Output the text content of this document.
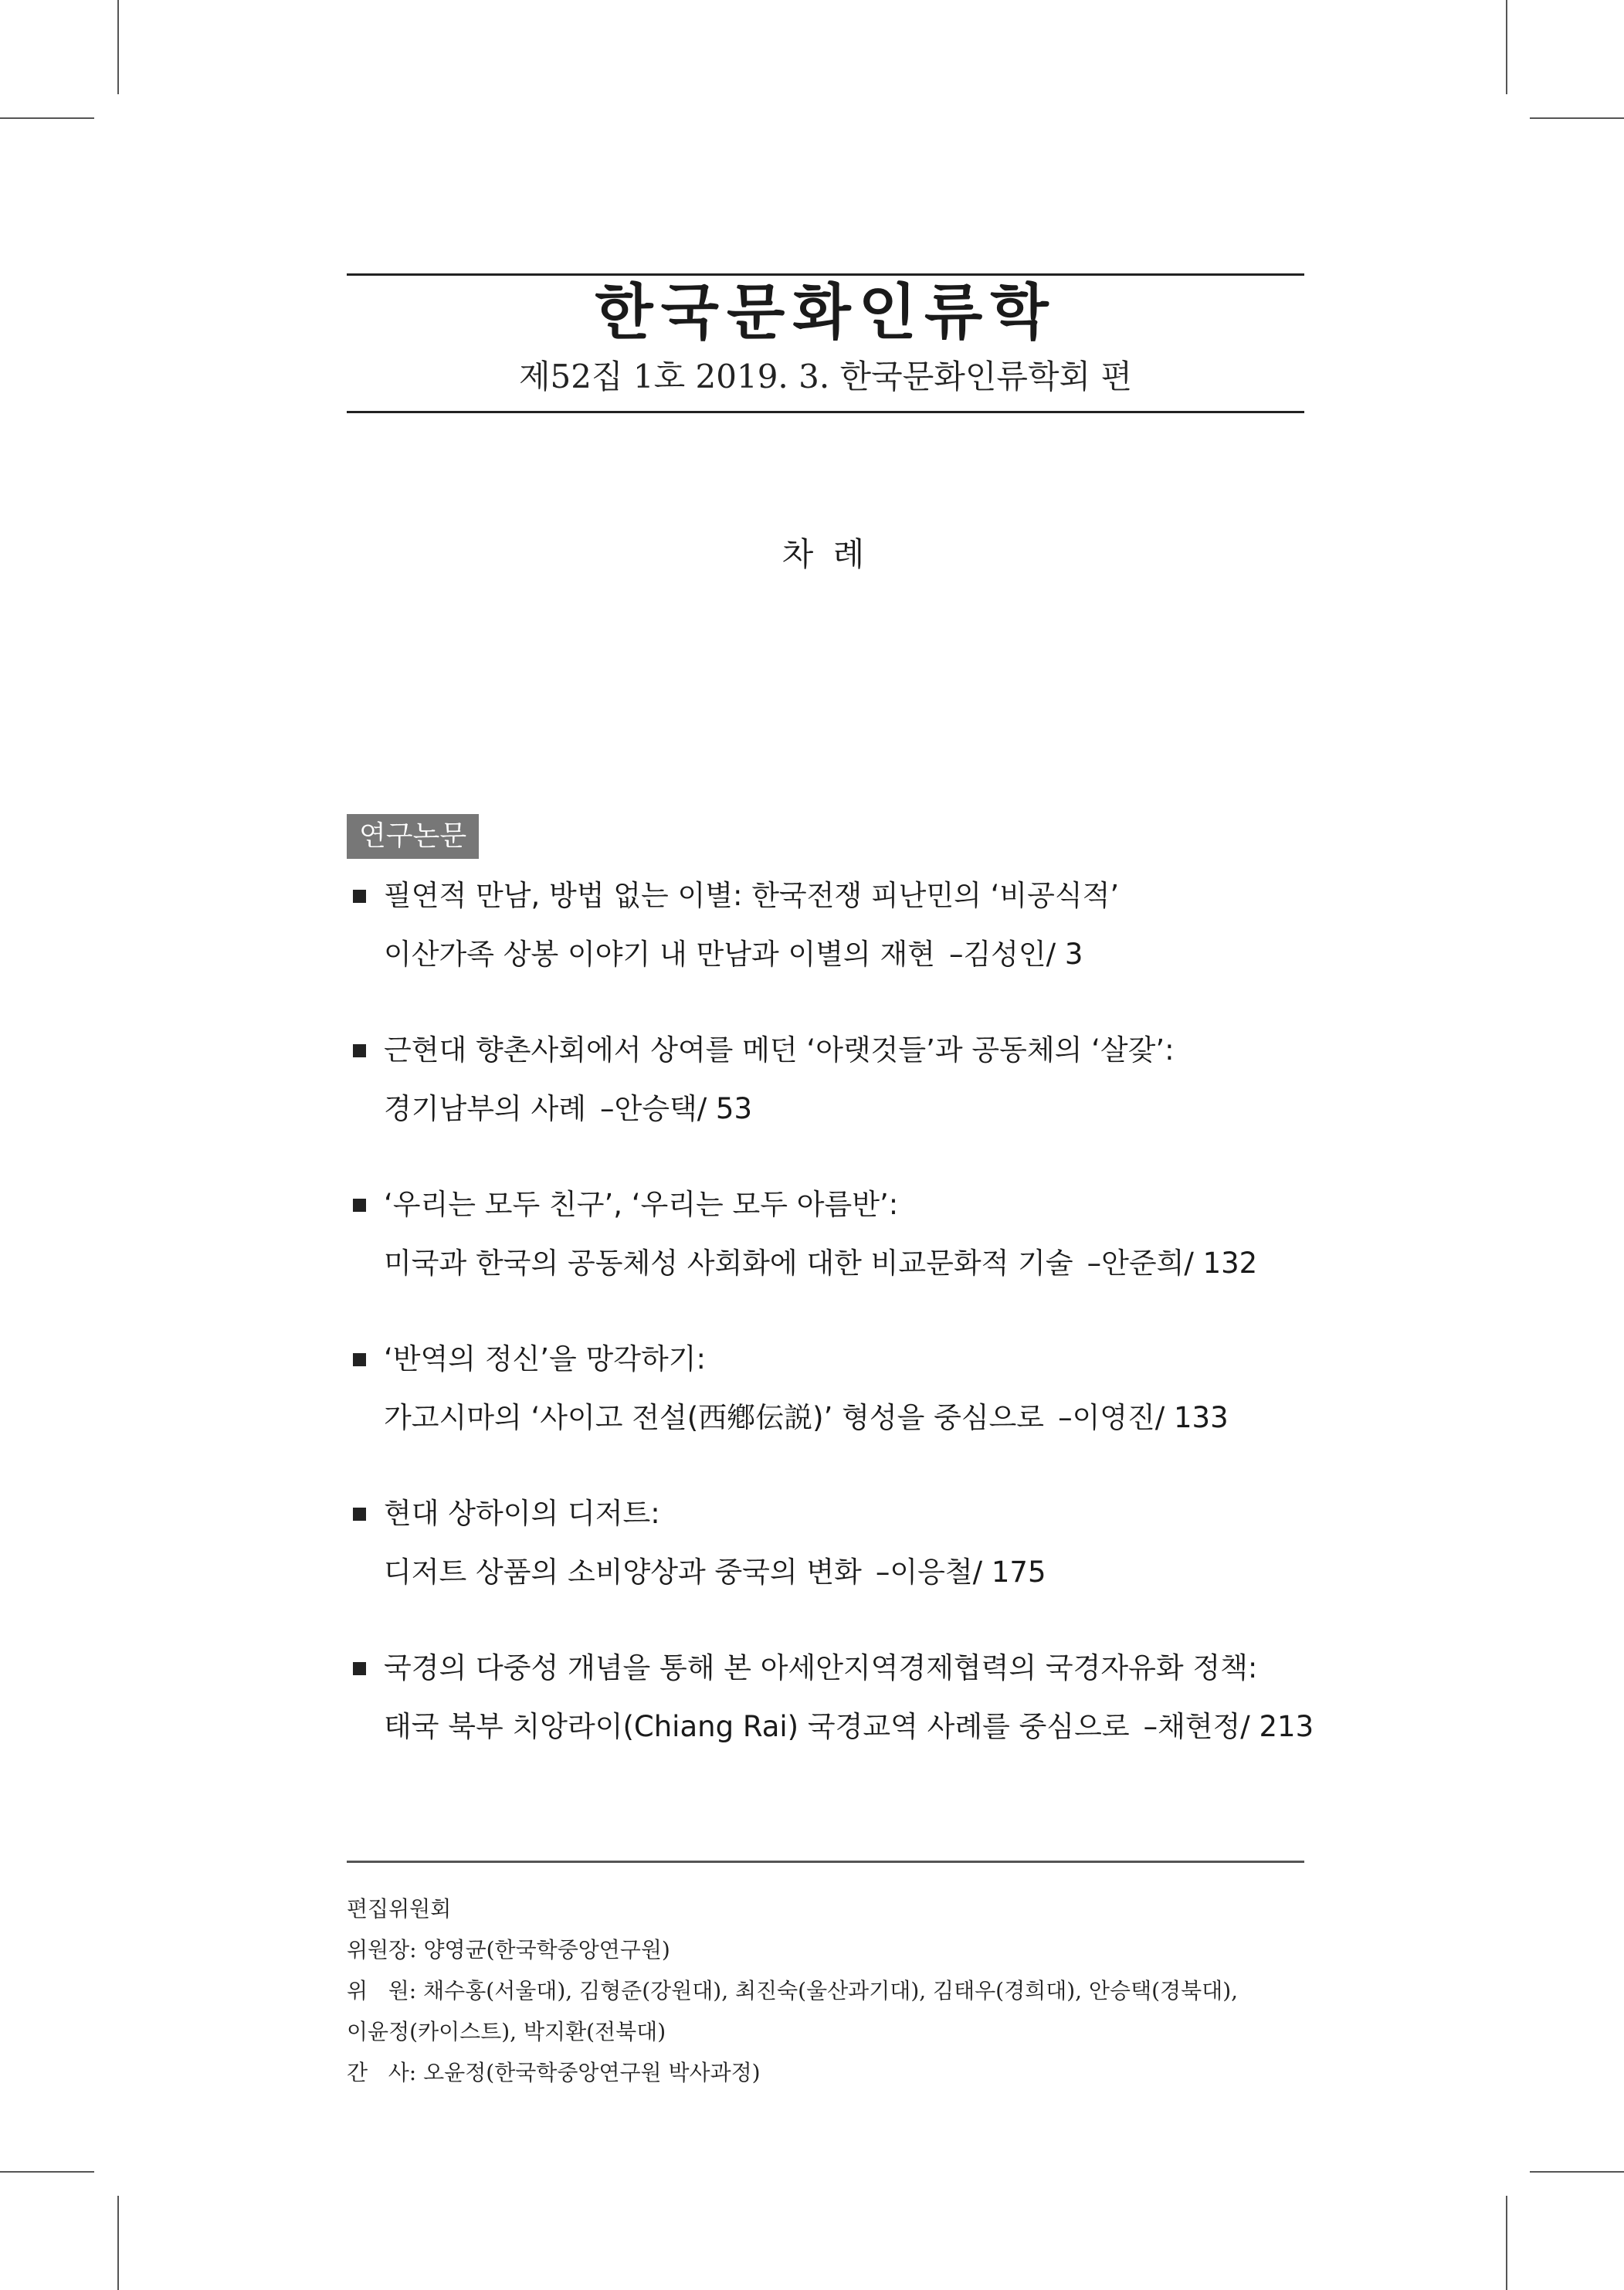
한국문화인류학
제52집 1호 2019. 3. 한국문화인류학회 편
차 례
연구논문
필연적 만남, 방법 없는 이별: 한국전쟁 피난민의 ‘비공식적’
이산가족 상봉 이야기 내 만남과 이별의 재현 –김성인/ 3
근현대 향촌사회에서 상여를 메던 ‘아랫것들’과 공동체의 ‘살갗’:
경기남부의 사례 –안승택/ 53
‘우리는 모두 친구’, ‘우리는 모두 아름반’:
미국과 한국의 공동체성 사회화에 대한 비교문화적 기술 –안준희/ 132
‘반역의 정신’을 망각하기:
가고시마의 ‘사이고 전설(西鄕伝説)’ 형성을 중심으로 –이영진/ 133
현대 상하이의 디저트:
디저트 상품의 소비양상과 중국의 변화 –이응철/ 175
국경의 다중성 개념을 통해 본 아세안지역경제협력의 국경자유화 정책:
태국 북부 치앙라이(Chiang Rai) 국경교역 사례를 중심으로 –채현정/ 213
편집위원회
위원장: 양영균(한국학중앙연구원)
위   원: 채수홍(서울대), 김형준(강원대), 최진숙(울산과기대), 김태우(경희대), 안승택(경북대),
이윤정(카이스트), 박지환(전북대)
간   사: 오윤정(한국학중앙연구원 박사과정)
